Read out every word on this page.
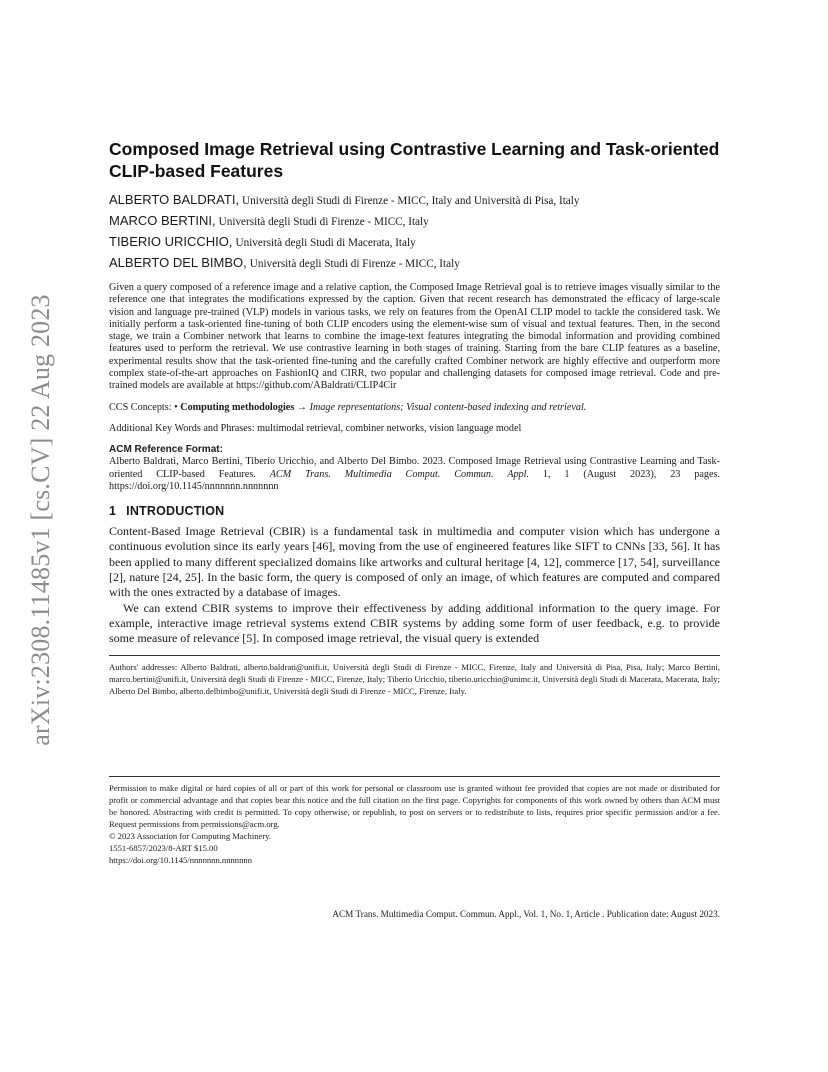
arXiv:2308.11485v1 [cs.CV] 22 Aug 2023
Composed Image Retrieval using Contrastive Learning and Task-oriented CLIP-based Features

ALBERTO BALDRATI, Università degli Studi di Firenze - MICC, Italy and Università di Pisa, Italy

MARCO BERTINI, Università degli Studi di Firenze - MICC, Italy

TIBERIO URICCHIO, Università degli Studi di Macerata, Italy

ALBERTO DEL BIMBO, Università degli Studi di Firenze - MICC, Italy

Given a query composed of a reference image and a relative caption, the Composed Image Retrieval goal is to retrieve images visually similar to the reference one that integrates the modifications expressed by the caption. Given that recent research has demonstrated the efficacy of large-scale vision and language pre-trained (VLP) models in various tasks, we rely on features from the OpenAI CLIP model to tackle the considered task. We initially perform a task-oriented fine-tuning of both CLIP encoders using the element-wise sum of visual and textual features. Then, in the second stage, we train a Combiner network that learns to combine the image-text features integrating the bimodal information and providing combined features used to perform the retrieval. We use contrastive learning in both stages of training. Starting from the bare CLIP features as a baseline, experimental results show that the task-oriented fine-tuning and the carefully crafted Combiner network are highly effective and outperform more complex state-of-the-art approaches on FashionIQ and CIRR, two popular and challenging datasets for composed image retrieval. Code and pre-trained models are available at https://github.com/ABaldrati/CLIP4Cir

CCS Concepts: • Computing methodologies → Image representations; Visual content-based indexing and retrieval.

Additional Key Words and Phrases: multimodal retrieval, combiner networks, vision language model

ACM Reference Format:

Alberto Baldrati, Marco Bertini, Tiberio Uricchio, and Alberto Del Bimbo. 2023. Composed Image Retrieval using Contrastive Learning and Task-oriented CLIP-based Features. ACM Trans. Multimedia Comput. Commun. Appl. 1, 1 (August 2023), 23 pages. https://doi.org/10.1145/nnnnnnn.nnnnnnn

1 INTRODUCTION

Content-Based Image Retrieval (CBIR) is a fundamental task in multimedia and computer vision which has undergone a continuous evolution since its early years [46], moving from the use of engineered features like SIFT to CNNs [33, 56]. It has been applied to many different specialized domains like artworks and cultural heritage [4, 12], commerce [17, 54], surveillance [2], nature [24, 25]. In the basic form, the query is composed of only an image, of which features are computed and compared with the ones extracted by a database of images.

We can extend CBIR systems to improve their effectiveness by adding additional information to the query image. For example, interactive image retrieval systems extend CBIR systems by adding some form of user feedback, e.g. to provide some measure of relevance [5]. In composed image retrieval, the visual query is extended

Authors' addresses: Alberto Baldrati, alberto.baldrati@unifi.it, Università degli Studi di Firenze - MICC, Firenze, Italy and Università di Pisa, Pisa, Italy; Marco Bertini, marco.bertini@unifi.it, Università degli Studi di Firenze - MICC, Firenze, Italy; Tiberio Uricchio, tiberio.uricchio@unimc.it, Università degli Studi di Macerata, Macerata, Italy; Alberto Del Bimbo, alberto.delbimbo@unifi.it, Università degli Studi di Firenze - MICC, Firenze, Italy.

Permission to make digital or hard copies of all or part of this work for personal or classroom use is granted without fee provided that copies are not made or distributed for profit or commercial advantage and that copies bear this notice and the full citation on the first page. Copyrights for components of this work owned by others than ACM must be honored. Abstracting with credit is permitted. To copy otherwise, or republish, to post on servers or to redistribute to lists, requires prior specific permission and/or a fee. Request permissions from permissions@acm.org.

© 2023 Association for Computing Machinery.

1551-6857/2023/8-ART $15.00

https://doi.org/10.1145/nnnnnnn.nnnnnnn

ACM Trans. Multimedia Comput. Commun. Appl., Vol. 1, No. 1, Article . Publication date: August 2023.
